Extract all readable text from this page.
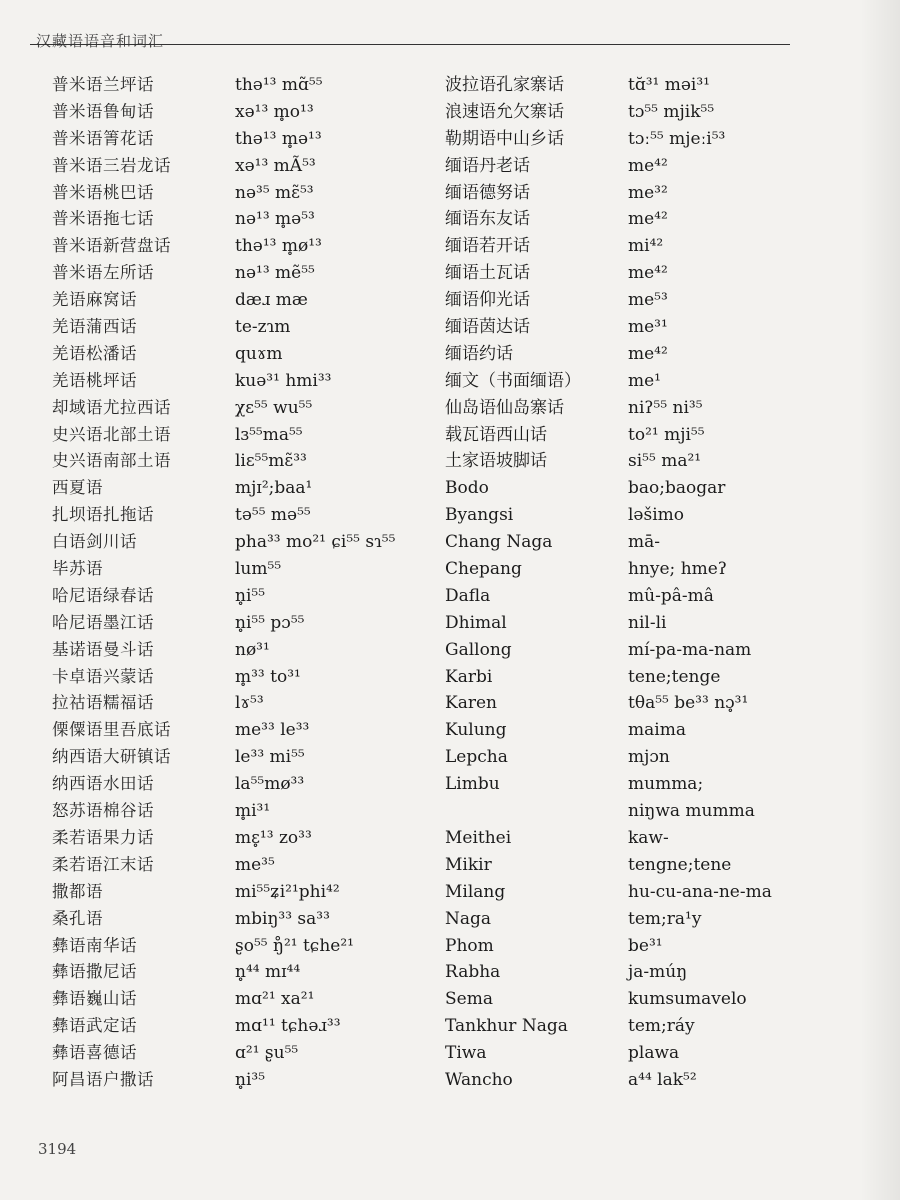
汉藏语语音和词汇
普米语兰坪话
普米语鲁甸话
普米语箐花话
普米语三岩龙话
普米语桃巴话
普米语拖七话
普米语新营盘话
普米语左所话
羌语麻窝话
羌语蒲西话
羌语松潘话
羌语桃坪话
却域语尤拉西话
史兴语北部土语
史兴语南部土语
西夏语
扎坝语扎拖话
白语剑川话
毕苏语
哈尼语绿春话
哈尼语墨江话
基诺语曼斗话
卡卓语兴蒙话
拉祜语糯福话
傈僳语里吾底话
纳西语大研镇话
纳西语水田话
怒苏语棉谷话
柔若语果力话
柔若语江末话
撒都语
桑孔语
彝语南华话
彝语撒尼话
彝语巍山话
彝语武定话
彝语喜德话
阿昌语户撒话
thə¹³ mɑ̃⁵⁵
xə¹³ m̥o¹³
thə¹³ m̥ə¹³
xə¹³ mÃ⁵³
nə³⁵ mɛ̃⁵³
nə¹³ m̥ə⁵³
thə¹³ m̥ø¹³
nə¹³ mẽ⁵⁵
dæɹ mæ
te-zɿm
quɤm
kuə³¹ hmi³³
χɛ⁵⁵ wu⁵⁵
lɜ⁵⁵ma⁵⁵
liɛ⁵⁵mɛ̃³³
mjɪ²;baa¹
tə⁵⁵ mə⁵⁵
pha³³ mo²¹ ɕi⁵⁵ sɿ⁵⁵
lum⁵⁵
n̥i⁵⁵
n̥i⁵⁵ pɔ⁵⁵
nø³¹
m̥³³ to³¹
lɤ⁵³
me³³ le³³
le³³ mi⁵⁵
la⁵⁵mø³³
m̥i³¹
mɛ̥¹³ zo³³
me³⁵
mi⁵⁵ʑi²¹phi⁴²
mbiŋ³³ sa³³
ʂo⁵⁵ ŋ̊²¹ tɕhe²¹
n̥⁴⁴ mɪ⁴⁴
mɑ²¹ xa²¹
mɑ¹¹ tɕhəɹ³³
ɑ²¹ ʂu⁵⁵
n̥i³⁵
波拉语孔家寨话
浪速语允欠寨话
勒期语中山乡话
缅语丹老话
缅语德努话
缅语东友话
缅语若开话
缅语土瓦话
缅语仰光话
缅语茵达话
缅语约话
缅文（书面缅语）
仙岛语仙岛寨话
载瓦语西山话
土家语坡脚话
Bodo
Byangsi
Chang Naga
Chepang
Dafla
Dhimal
Gallong
Karbi
Karen
Kulung
Lepcha
Limbu
Meithei
Mikir
Milang
Naga
Phom
Rabha
Sema
Tankhur Naga
Tiwa
Wancho
tɑ̆³¹ məi³¹
tɔ⁵⁵ mjik⁵⁵
tɔː⁵⁵ mjeːi⁵³
me⁴²
me³²
me⁴²
mi⁴²
me⁴²
me⁵³
me³¹
me⁴²
me¹
niʔ⁵⁵ ni³⁵
to²¹ mji⁵⁵
si⁵⁵ ma²¹
bao;baogar
ləšimo
mā-
hnye; hmeʔ
mû-pâ-mâ
nil-li
mí-pa-ma-nam
tene;tenge
tθa⁵⁵ be³³ nɔ̥³¹
maima
mjɔn
mumma;
niŋwa mumma
kaw-
tengne;tene
hu-cu-ana-ne-ma
tem;ra¹y
be³¹
ja-múŋ
kumsumavelo
tem;ráy
plawa
a⁴⁴ lak⁵²
3194
